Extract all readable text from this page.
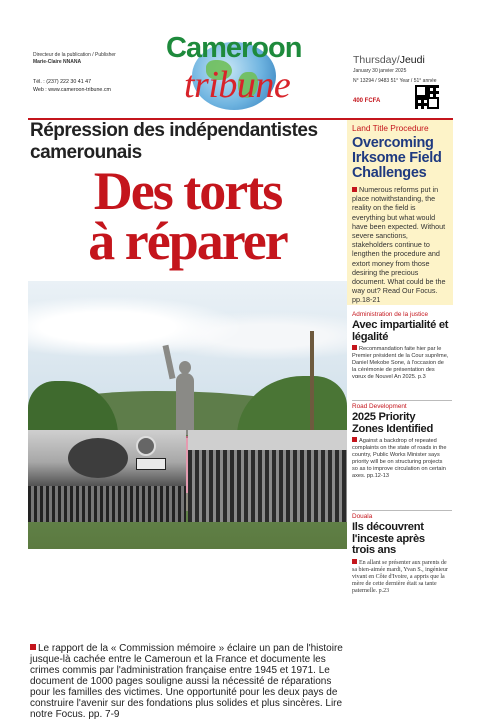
Directeur de la publication / Publisher
Marie-Claire NNANA
Tél. : (237) 222 30 41 47
Web : www.cameroon-tribune.cm
Cameroon
tribune
Thursday/Jeudi
January 30 janvier 2025
N° 13294 / 9483 51° Year / 51° année
400 FCFA
Répression des indépendantistes camerounais
Des torts
à réparer
Le rapport de la « Commission mémoire » éclaire un pan de l'histoire jusque-là cachée entre le Cameroun et la France et documente les crimes commis par l'administration française entre 1945 et 1971. Le document de 1000 pages souligne aussi la nécessité de réparations pour les familles des victimes. Une opportunité pour les deux pays de construire l'avenir sur des fondations plus solides et plus sincères. Lire notre Focus. pp. 7-9
Land Title Procedure
Overcoming Irksome Field Challenges
Numerous reforms put in place notwithstanding, the reality on the field is everything but what would have been expected. Without severe sanctions, stakeholders continue to lengthen the procedure and extort money from those desiring the precious document. What could be the way out? Read Our Focus. pp.18-21
Administration de la justice
Avec impartialité et légalité
Recommandation faite hier par le Premier président de la Cour suprême, Daniel Mekobe Sone, à l'occasion de la cérémonie de présentation des vœux de Nouvel An 2025. p.3
Road Development
2025 Priority Zones Identified
Against a backdrop of repeated complaints on the state of roads in the country, Public Works Minister says priority will be on structuring projects so as to improve circulation on certain axes. pp.12-13
Douala
Ils découvrent l'inceste après trois ans
En allant se présenter aux parents de sa bien-aimée mardi, Yvan S., ingénieur vivant en Côte d'Ivoire, a appris que la mère de cette dernière était sa tante paternelle. p.23
